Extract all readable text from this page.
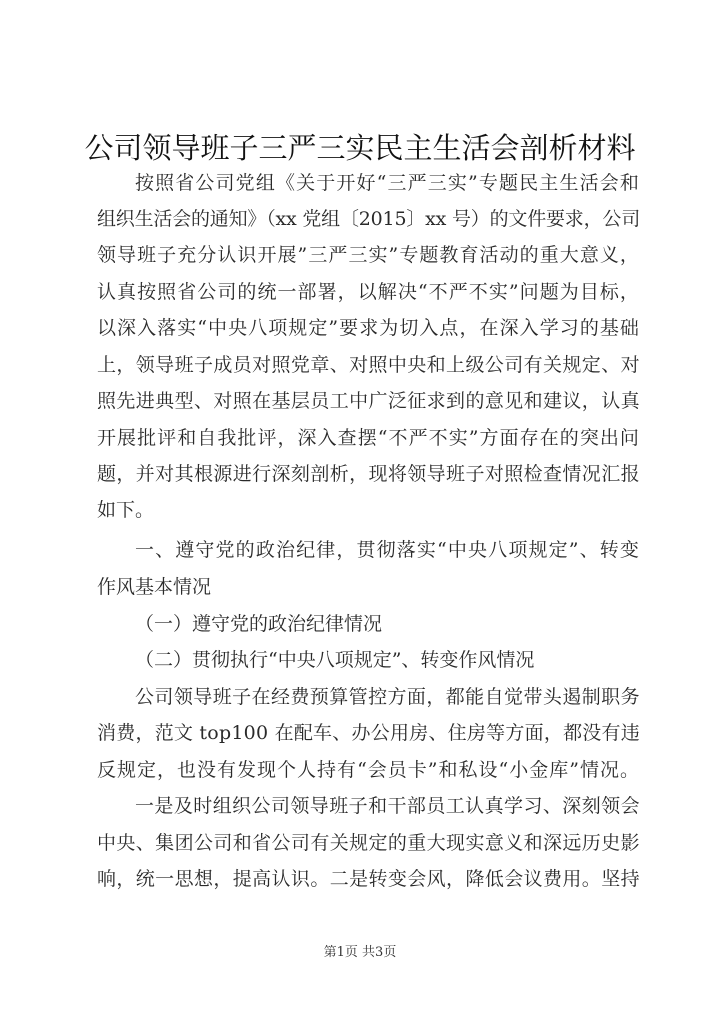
公司领导班子三严三实民主生活会剖析材料
按照省公司党组《关于开好“三严三实”专题民主生活会和
组织生活会的通知》（xx 党组〔2015〕xx 号）的文件要求，公司
领导班子充分认识开展”三严三实”专题教育活动的重大意义，
认真按照省公司的统一部署，以解决“不严不实”问题为目标，
以深入落实“中央八项规定”要求为切入点，在深入学习的基础
上，领导班子成员对照党章、对照中央和上级公司有关规定、对
照先进典型、对照在基层员工中广泛征求到的意见和建议，认真
开展批评和自我批评，深入查摆“不严不实”方面存在的突出问
题，并对其根源进行深刻剖析，现将领导班子对照检查情况汇报
如下。
一、遵守党的政治纪律，贯彻落实“中央八项规定”、转变
作风基本情况
（一）遵守党的政治纪律情况
（二）贯彻执行“中央八项规定”、转变作风情况
公司领导班子在经费预算管控方面，都能自觉带头遏制职务
消费，范文 top100 在配车、办公用房、住房等方面，都没有违
反规定，也没有发现个人持有“会员卡”和私设“小金库”情况。
一是及时组织公司领导班子和干部员工认真学习、深刻领会
中央、集团公司和省公司有关规定的重大现实意义和深远历史影
响，统一思想，提高认识。二是转变会风，降低会议费用。坚持
第1页 共3页
